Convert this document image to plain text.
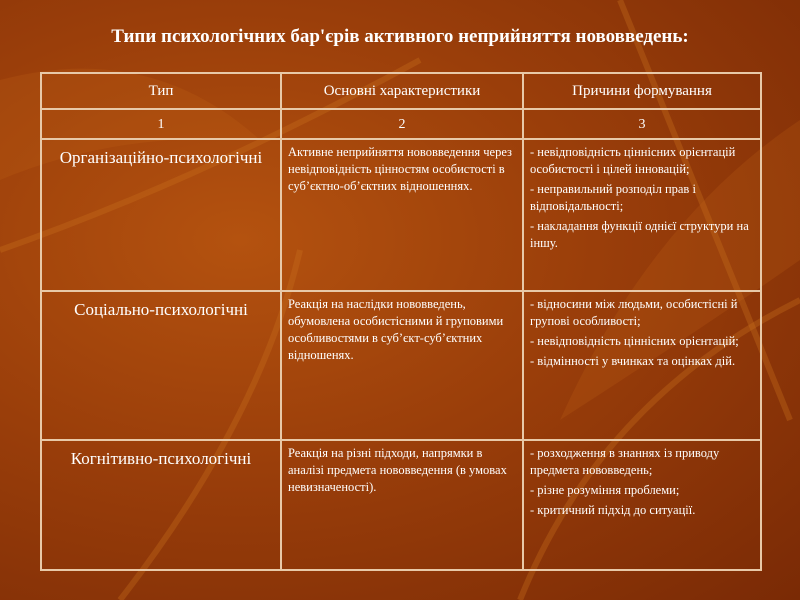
Типи психологічних бар'єрів активного неприйняття нововведень:
Тип	Основні характеристики	Причини формування
1	2	3
Організаційно-психологічні	Активне неприйняття нововведення через невідповідність цінностям особистості в суб’єктно-об’єктних відношеннях.	- невідповідність ціннісних орієнтацій особистості і цілей інновацій;
- неправильний розподіл прав і відповідальності;
- накладання функції однієї структури на іншу.

Соціально-психологічні	Реакція на наслідки нововведень, обумовлена особистісними й груповими особливостями в суб’єкт-суб’єктних відношенях.	- відносини між людьми, особистісні й групові особливості;
- невідповідність ціннісних орієнтацій;
- відмінності у вчинках та оцінках дій.

Когнітивно-психологічні	Реакція на різні підходи, напрямки в аналізі предмета нововведення (в умовах невизначеності).	- розходження в знаннях із приводу предмета нововведень;
- різне розуміння проблеми;
- критичний підхід до ситуації.
